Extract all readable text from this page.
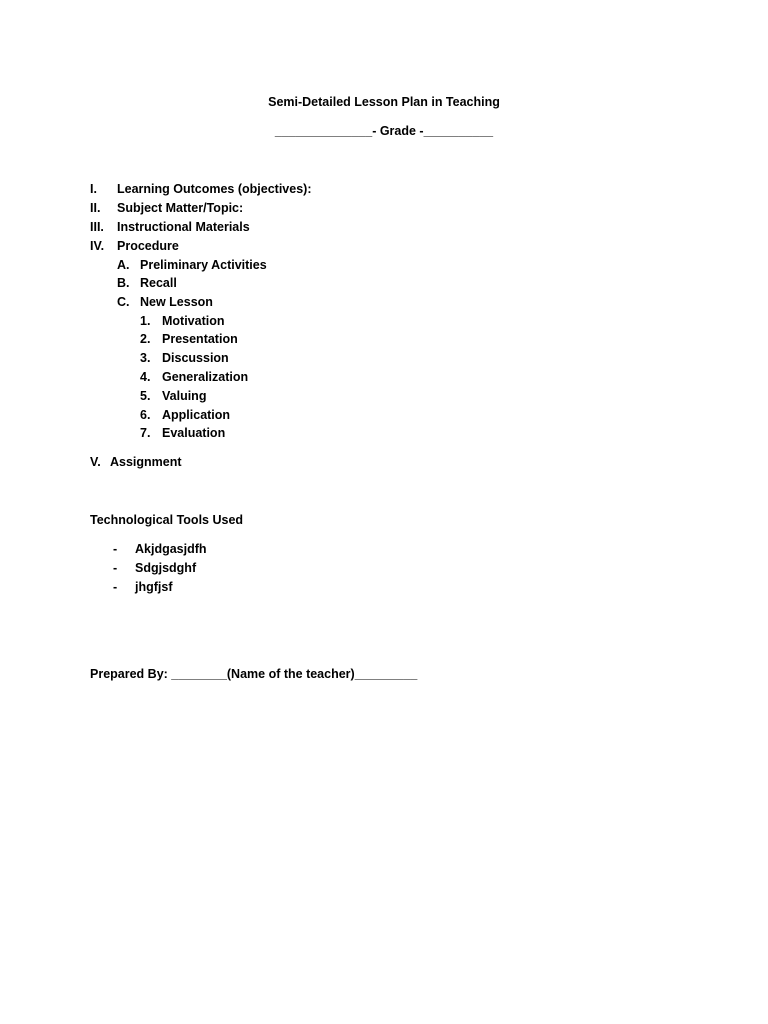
Semi-Detailed Lesson Plan in Teaching
______________- Grade -__________
I. Learning Outcomes (objectives):
II. Subject Matter/Topic:
III. Instructional Materials
IV. Procedure
A. Preliminary Activities
B. Recall
C. New Lesson
1. Motivation
2. Presentation
3. Discussion
4. Generalization
5. Valuing
6. Application
7. Evaluation
V. Assignment
Technological Tools Used
- Akjdgasjdfh
- Sdgjsdghf
- jhgfjsf
Prepared By: ________(Name of the teacher)_________
